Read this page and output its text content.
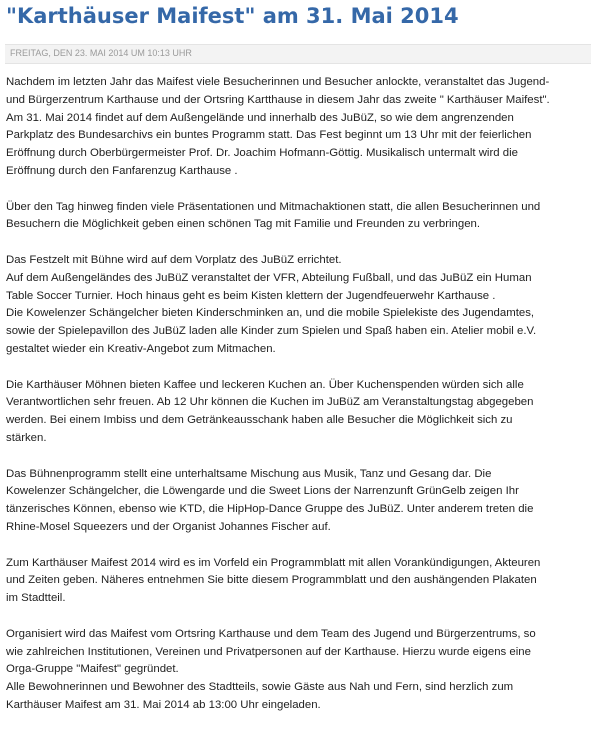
"Karthäuser Maifest" am 31. Mai 2014
FREITAG, DEN 23. MAI 2014 UM 10:13 UHR

Nachdem im letzten Jahr das Maifest viele Besucherinnen und Besucher anlockte, veranstaltet das Jugend-
und Bürgerzentrum Karthause und der Ortsring Kartthause in diesem Jahr das zweite " Karthäuser Maifest".
Am 31. Mai 2014 findet auf dem Außengelände und innerhalb des JuBüZ, so wie dem angrenzenden
Parkplatz des Bundesarchivs ein buntes Programm statt. Das Fest beginnt um 13 Uhr mit der feierlichen
Eröffnung durch Oberbürgermeister Prof. Dr. Joachim Hofmann-Göttig. Musikalisch untermalt wird die
Eröffnung durch den Fanfarenzug Karthause .

Über den Tag hinweg finden viele Präsentationen und Mitmachaktionen statt, die allen Besucherinnen und
Besuchern die Möglichkeit geben einen schönen Tag mit Familie und Freunden zu verbringen.

Das Festzelt mit Bühne wird auf dem Vorplatz des JuBüZ errichtet.
Auf dem Außengeländes des JuBüZ veranstaltet der VFR, Abteilung Fußball, und das JuBüZ ein Human
Table Soccer Turnier. Hoch hinaus geht es beim Kisten klettern der Jugendfeuerwehr Karthause .
Die Kowelenzer Schängelcher bieten Kinderschminken an, und die mobile Spielekiste des Jugendamtes,
sowie der Spielepavillon des JuBüZ laden alle Kinder zum Spielen und Spaß haben ein. Atelier mobil e.V.
gestaltet wieder ein Kreativ-Angebot zum Mitmachen.

Die Karthäuser Möhnen bieten Kaffee und leckeren Kuchen an. Über Kuchenspenden würden sich alle
Verantwortlichen sehr freuen. Ab 12 Uhr können die Kuchen im JuBüZ am Veranstaltungstag abgegeben
werden. Bei einem Imbiss und dem Getränkeausschank haben alle Besucher die Möglichkeit sich zu
stärken.

Das Bühnenprogramm stellt eine unterhaltsame Mischung aus Musik, Tanz und Gesang dar. Die
Kowelenzer Schängelcher, die Löwengarde und die Sweet Lions der Narrenzunft GrünGelb zeigen Ihr
tänzerisches Können, ebenso wie KTD, die HipHop-Dance Gruppe des JuBüZ. Unter anderem treten die
Rhine-Mosel Squeezers und der Organist Johannes Fischer auf.

Zum Karthäuser Maifest 2014 wird es im Vorfeld ein Programmblatt mit allen Vorankündigungen, Akteuren
und Zeiten geben. Näheres entnehmen Sie bitte diesem Programmblatt und den aushängenden Plakaten
im Stadtteil.

Organisiert wird das Maifest vom Ortsring Karthause und dem Team des Jugend und Bürgerzentrums, so
wie zahlreichen Institutionen, Vereinen und Privatpersonen auf der Karthause. Hierzu wurde eigens eine
Orga-Gruppe "Maifest" gegründet.
Alle Bewohnerinnen und Bewohner des Stadtteils, sowie Gäste aus Nah und Fern, sind herzlich zum
Karthäuser Maifest am 31. Mai 2014 ab 13:00 Uhr eingeladen.
